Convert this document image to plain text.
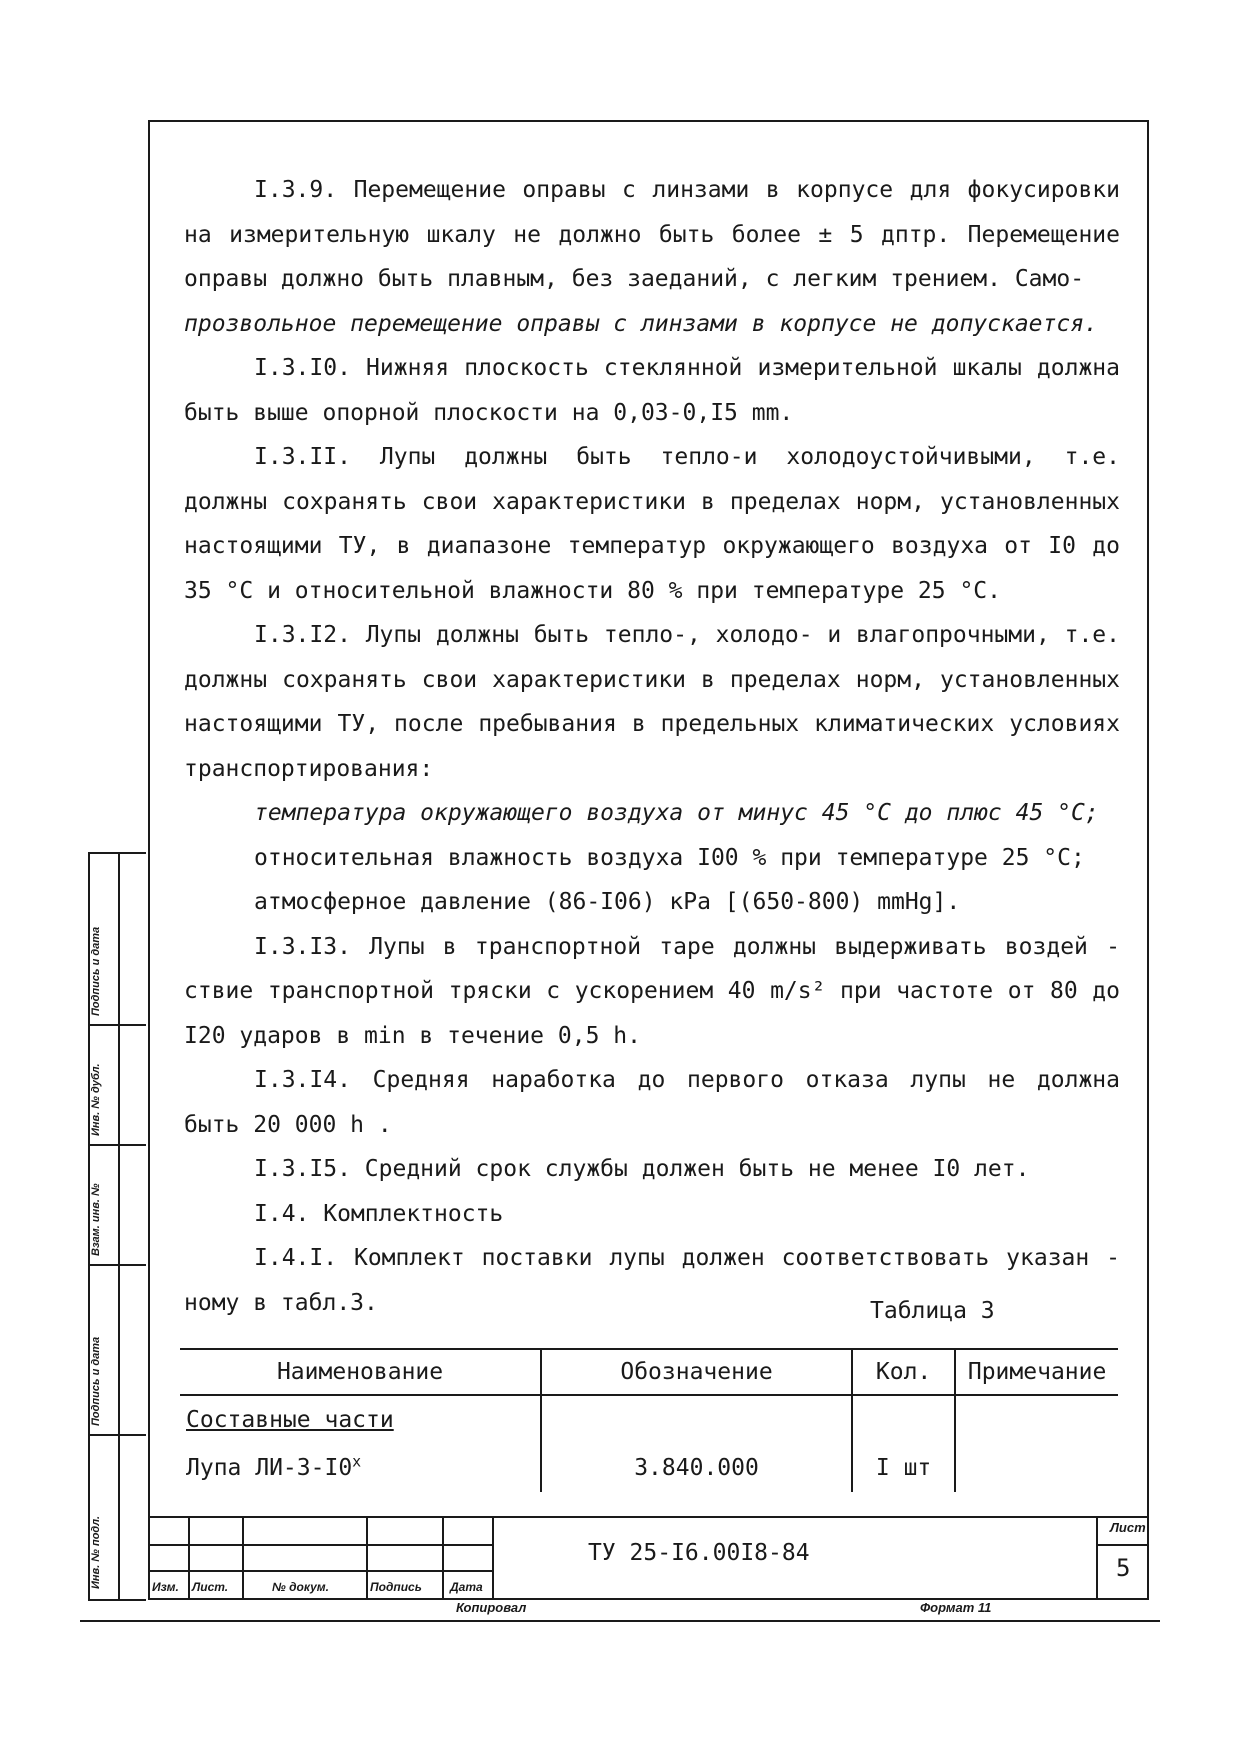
I.3.9. Перемещение оправы с линзами в корпусе для фокусировки на измерительную шкалу не должно быть более ± 5 дптр. Перемещение оправы должно быть плавным, без заеданий, с легким трением. Само-

прозвольное перемещение оправы с линзами в корпусе не допускается.

I.3.I0. Нижняя плоскость стеклянной измерительной шкалы должна быть выше опорной плоскости на 0,03-0,I5 mm.

I.3.II. Лупы должны быть тепло-и холодоустойчивыми, т.е. должны сохранять свои характеристики в пределах норм, установленных настоящими ТУ, в диапазоне температур окружающего воздуха от I0 до 35 °С и относительной влажности 80 % при температуре 25 °С.

I.3.I2. Лупы должны быть тепло-, холодо- и влагопрочными, т.е. должны сохранять свои характеристики в пределах норм, установленных настоящими ТУ, после пребывания в предельных климатических условиях транспортирования:

температура окружающего воздуха от минус 45 °С до плюс 45 °С;

относительная влажность воздуха I00 % при температуре 25 °С;

атмосферное давление (86-I06) кРа [(650-800) mmHg].

I.3.I3. Лупы в транспортной таре должны выдерживать воздей - ствие транспортной тряски с ускорением 40 m/s² при частоте от 80 до I20 ударов в min в течение 0,5 h.

I.3.I4. Средняя наработка до первого отказа лупы не должна быть 20 000 h .

I.3.I5. Средний срок службы должен быть не менее I0 лет.

I.4. Комплектность

I.4.I. Комплект поставки лупы должен соответствовать указан - ному в табл.3.	Таблица 3
Наименование	Обозначение	Кол.	Примечание
Составные части			
Лупа ЛИ-3-I0$^x$	3.840.000	I шт	
Подпись и дата
Инв. № дубл.
Взам. инв. №
Подпись и дата
Инв. № подл.	Изм. Лист.	№ докум.	Подпись Дата
ТУ 25-I6.00I8-84
Лист
5
Копировал	Формат 11
